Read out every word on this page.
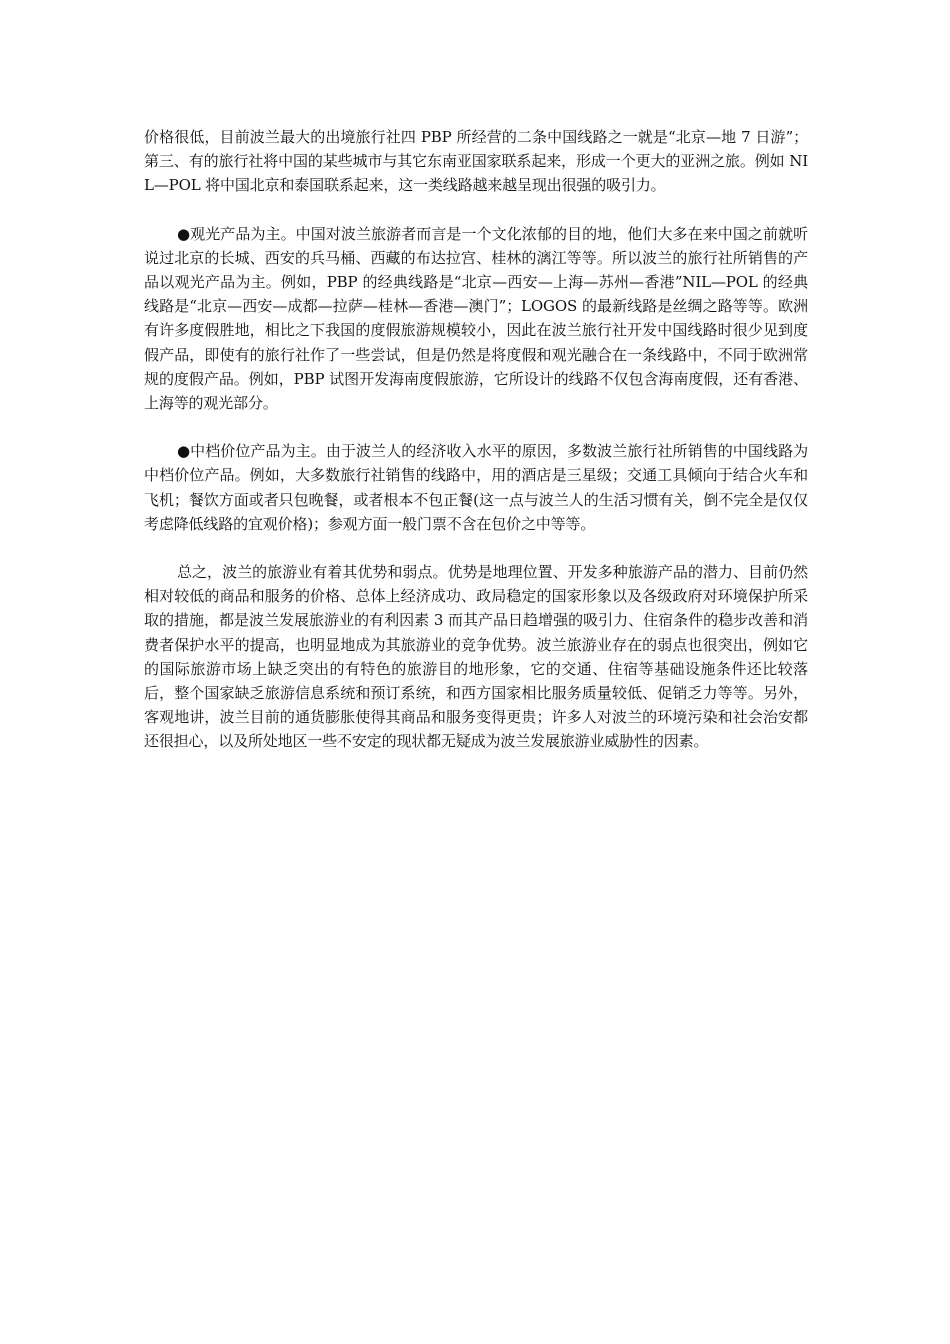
价格很低，目前波兰最大的出境旅行社四 PBP 所经营的二条中国线路之一就是“北京—地 7 日游”；第三、有的旅行社将中国的某些城市与其它东南亚国家联系起来，形成一个更大的亚洲之旅。例如 NIL—POL 将中国北京和泰国联系起来，这一类线路越来越呈现出很强的吸引力。

●观光产品为主。中国对波兰旅游者而言是一个文化浓郁的目的地，他们大多在来中国之前就听说过北京的长城、西安的兵马桶、西藏的布达拉宫、桂林的漓江等等。所以波兰的旅行社所销售的产品以观光产品为主。例如，PBP 的经典线路是“北京—西安—上海—苏州—香港”NIL—POL 的经典线路是“北京—西安—成都—拉萨—桂林—香港—澳门”；LOGOS 的最新线路是丝绸之路等等。欧洲有许多度假胜地，相比之下我国的度假旅游规模较小，因此在波兰旅行社开发中国线路时很少见到度假产品，即使有的旅行社作了一些尝试，但是仍然是将度假和观光融合在一条线路中，不同于欧洲常规的度假产品。例如，PBP 试图开发海南度假旅游，它所设计的线路不仅包含海南度假，还有香港、上海等的观光部分。

●中档价位产品为主。由于波兰人的经济收入水平的原因，多数波兰旅行社所销售的中国线路为中档价位产品。例如，大多数旅行社销售的线路中，用的酒店是三星级；交通工具倾向于结合火车和飞机；餐饮方面或者只包晚餐，或者根本不包正餐(这一点与波兰人的生活习惯有关，倒不完全是仅仅考虑降低线路的宜观价格)；参观方面一般门票不含在包价之中等等。

总之，波兰的旅游业有着其优势和弱点。优势是地理位置、开发多种旅游产品的潜力、目前仍然相对较低的商品和服务的价格、总体上经济成功、政局稳定的国家形象以及各级政府对环境保护所采取的措施，都是波兰发展旅游业的有利因素 3 而其产品日趋增强的吸引力、住宿条件的稳步改善和消费者保护水平的提高，也明显地成为其旅游业的竞争优势。波兰旅游业存在的弱点也很突出，例如它的国际旅游市场上缺乏突出的有特色的旅游目的地形象，它的交通、住宿等基础设施条件还比较落后，整个国家缺乏旅游信息系统和预订系统，和西方国家相比服务质量较低、促销乏力等等。另外，客观地讲，波兰目前的通货膨胀使得其商品和服务变得更贵；许多人对波兰的环境污染和社会治安都还很担心，以及所处地区一些不安定的现状都无疑成为波兰发展旅游业威胁性的因素。
